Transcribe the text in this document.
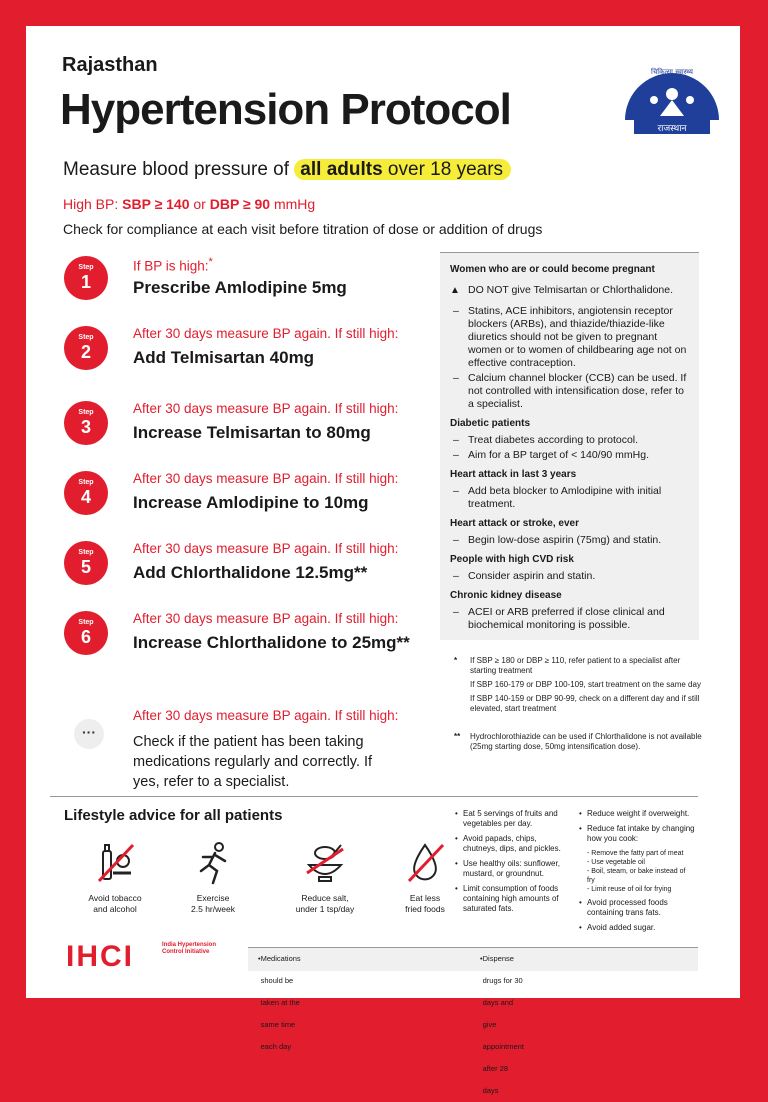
Rajasthan
Hypertension Protocol
चिकित्सा स्वास्थ्य
राजस्थान
Measure blood pressure of all adults over 18 years
High BP: SBP ≥ 140 or DBP ≥ 90 mmHg
Check for compliance at each visit before titration of dose or addition of drugs
Step
1
If BP is high:*
Prescribe Amlodipine 5mg
Step
2
After 30 days measure BP again. If still high:
Add Telmisartan 40mg
Step
3
After 30 days measure BP again. If still high:
Increase Telmisartan to 80mg
Step
4
After 30 days measure BP again. If still high:
Increase Amlodipine to 10mg
Step
5
After 30 days measure BP again. If still high:
Add Chlorthalidone 12.5mg**
Step
6
After 30 days measure BP again. If still high:
Increase Chlorthalidone to 25mg**
···
After 30 days measure BP again. If still high:
Check if the patient has been taking medications regularly and correctly. If yes, refer to a specialist.
Women who are or could become pregnant
▲ DO NOT give Telmisartan or Chlorthalidone.
– Statins, ACE inhibitors, angiotensin receptor blockers (ARBs), and thiazide/thiazide-like diuretics should not be given to pregnant women or to women of childbearing age not on effective contraception.
– Calcium channel blocker (CCB) can be used. If not controlled with intensification dose, refer to a specialist.
Diabetic patients
– Treat diabetes according to protocol.
– Aim for a BP target of < 140/90 mmHg.
Heart attack in last 3 years
– Add beta blocker to Amlodipine with initial treatment.
Heart attack or stroke, ever
– Begin low-dose aspirin (75mg) and statin.
People with high CVD risk
– Consider aspirin and statin.
Chronic kidney disease
– ACEI or ARB preferred if close clinical and biochemical monitoring is possible.
*	If SBP ≥ 180 or DBP ≥ 110, refer patient to a specialist after starting treatment
If SBP 160-179 or DBP 100-109, start treatment on the same day
If SBP 140-159 or DBP 90-99, check on a different day and if still elevated, start treatment
**	Hydrochlorothiazide can be used if Chlorthalidone is not available (25mg starting dose, 50mg intensification dose).
Lifestyle advice for all patients
Avoid tobacco
and alcohol
Exercise
2.5 hr/week
Reduce salt,
under 1 tsp/day
Eat less
fried foods
• Eat 5 servings of fruits and vegetables per day.
• Avoid papads, chips, chutneys, dips, and pickles.
• Use healthy oils: sunflower, mustard, or groundnut.
• Limit consumption of foods containing high amounts of saturated fats.
• Reduce weight if overweight.
• Reduce fat intake by changing how you cook:
- Remove the fatty part of meat
- Use vegetable oil
- Boil, steam, or bake instead of fry
- Limit reuse of oil for frying
• Avoid processed foods containing trans fats.
• Avoid added sugar.
IHCI	India Hypertension Control Initiative
• Medications should be taken at the same time each day
• Dispense drugs for 30 days and give appointment after 28 days
